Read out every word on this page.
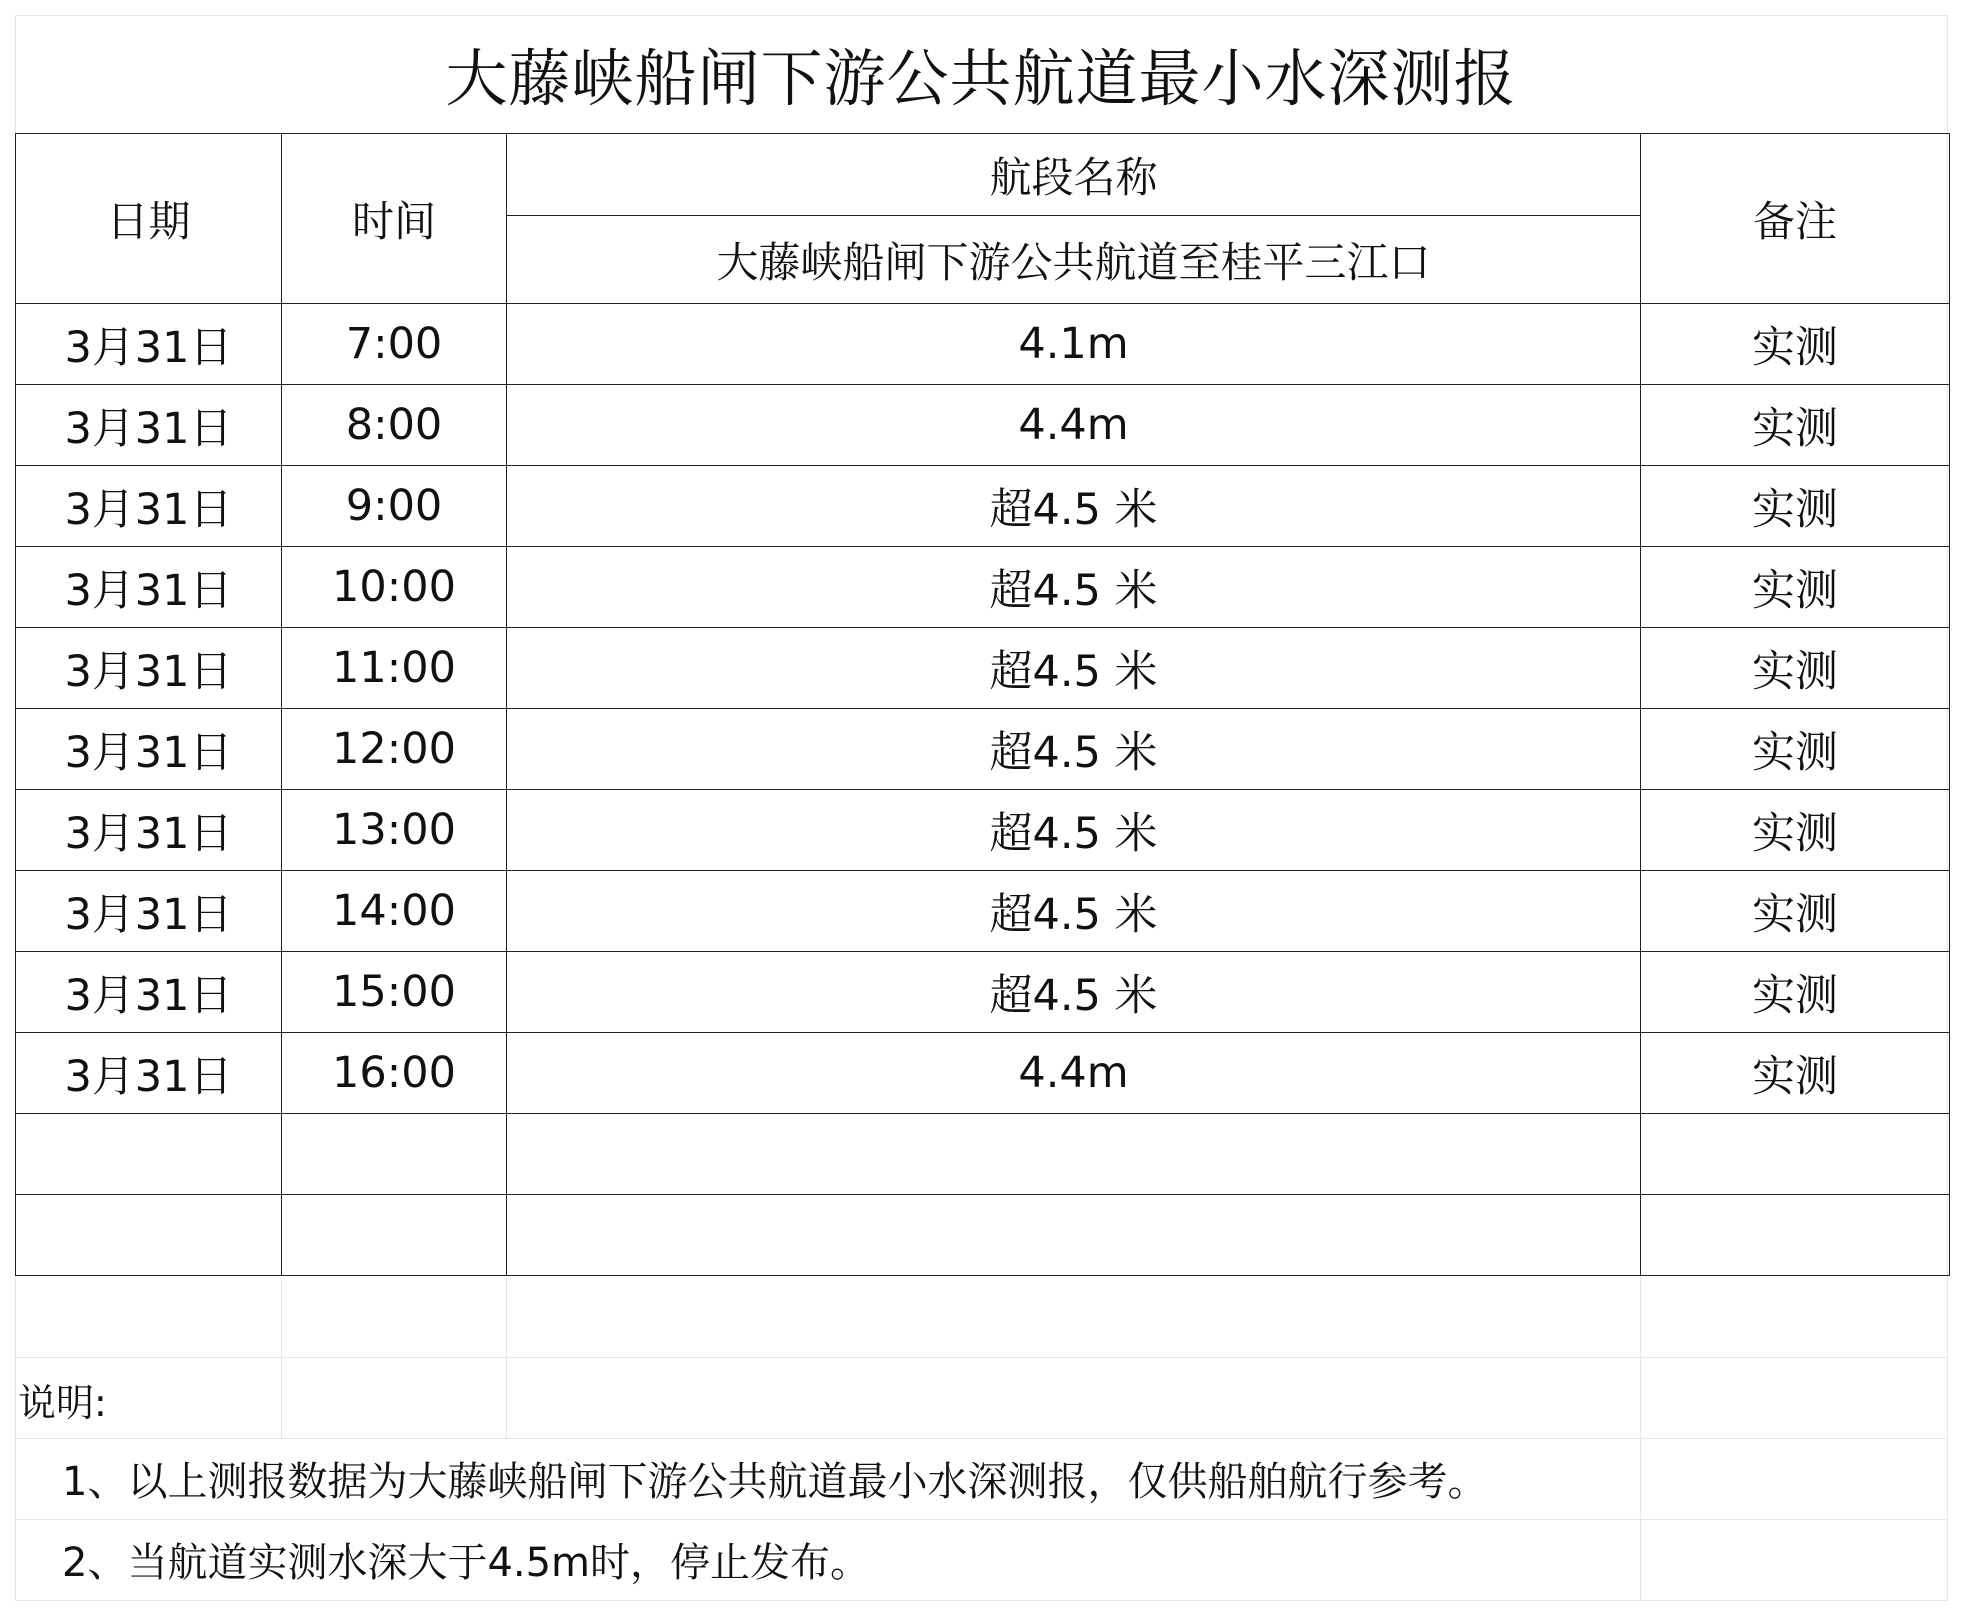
大藤峡船闸下游公共航道最小水深测报
日期	时间	航段名称	备注
		大藤峡船闸下游公共航道至桂平三江口	
3月31日	7:00	4.1m	实测
3月31日	8:00	4.4m	实测
3月31日	9:00	超4.5 米	实测
3月31日	10:00	超4.5 米	实测
3月31日	11:00	超4.5 米	实测
3月31日	12:00	超4.5 米	实测
3月31日	13:00	超4.5 米	实测
3月31日	14:00	超4.5 米	实测
3月31日	15:00	超4.5 米	实测
3月31日	16:00	4.4m	实测

说明:
1、以上测报数据为大藤峡船闸下游公共航道最小水深测报，仅供船舶航行参考。
2、当航道实测水深大于4.5m时，停止发布。
